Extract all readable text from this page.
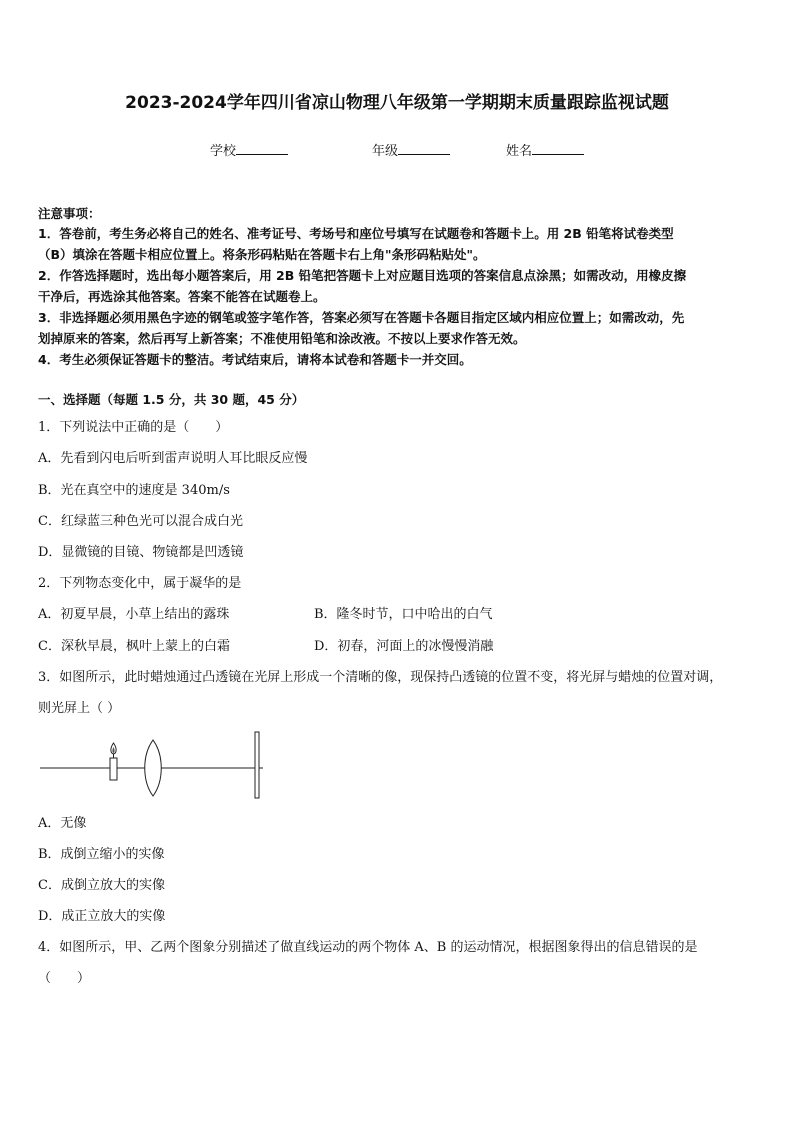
2023-2024学年四川省凉山物理八年级第一学期期末质量跟踪监视试题
学校	年级	姓名
注意事项：
1．答卷前，考生务必将自己的姓名、准考证号、考场号和座位号填写在试题卷和答题卡上。用 2B 铅笔将试卷类型
（B）填涂在答题卡相应位置上。将条形码粘贴在答题卡右上角"条形码粘贴处"。
2．作答选择题时，选出每小题答案后，用 2B 铅笔把答题卡上对应题目选项的答案信息点涂黑；如需改动，用橡皮擦
干净后，再选涂其他答案。答案不能答在试题卷上。
3．非选择题必须用黑色字迹的钢笔或签字笔作答，答案必须写在答题卡各题目指定区域内相应位置上；如需改动，先
划掉原来的答案，然后再写上新答案；不准使用铅笔和涂改液。不按以上要求作答无效。
4．考生必须保证答题卡的整洁。考试结束后，请将本试卷和答题卡一并交回。
一、选择题（每题 1.5 分，共 30 题，45 分）
1．下列说法中正确的是（　　）
A．先看到闪电后听到雷声说明人耳比眼反应慢
B．光在真空中的速度是 340m/s
C．红绿蓝三种色光可以混合成白光
D．显微镜的目镜、物镜都是凹透镜
2．下列物态变化中，属于凝华的是
A．初夏早晨，小草上结出的露珠	B．隆冬时节，口中哈出的白气
C．深秋早晨，枫叶上蒙上的白霜	D．初春，河面上的冰慢慢消融
3．如图所示，此时蜡烛通过凸透镜在光屏上形成一个清晰的像，现保持凸透镜的位置不变，将光屏与蜡烛的位置对调，
则光屏上（ ）
A．无像
B．成倒立缩小的实像
C．成倒立放大的实像
D．成正立放大的实像
4．如图所示，甲、乙两个图象分别描述了做直线运动的两个物体 A、B 的运动情况，根据图象得出的信息错误的是
（　　）
